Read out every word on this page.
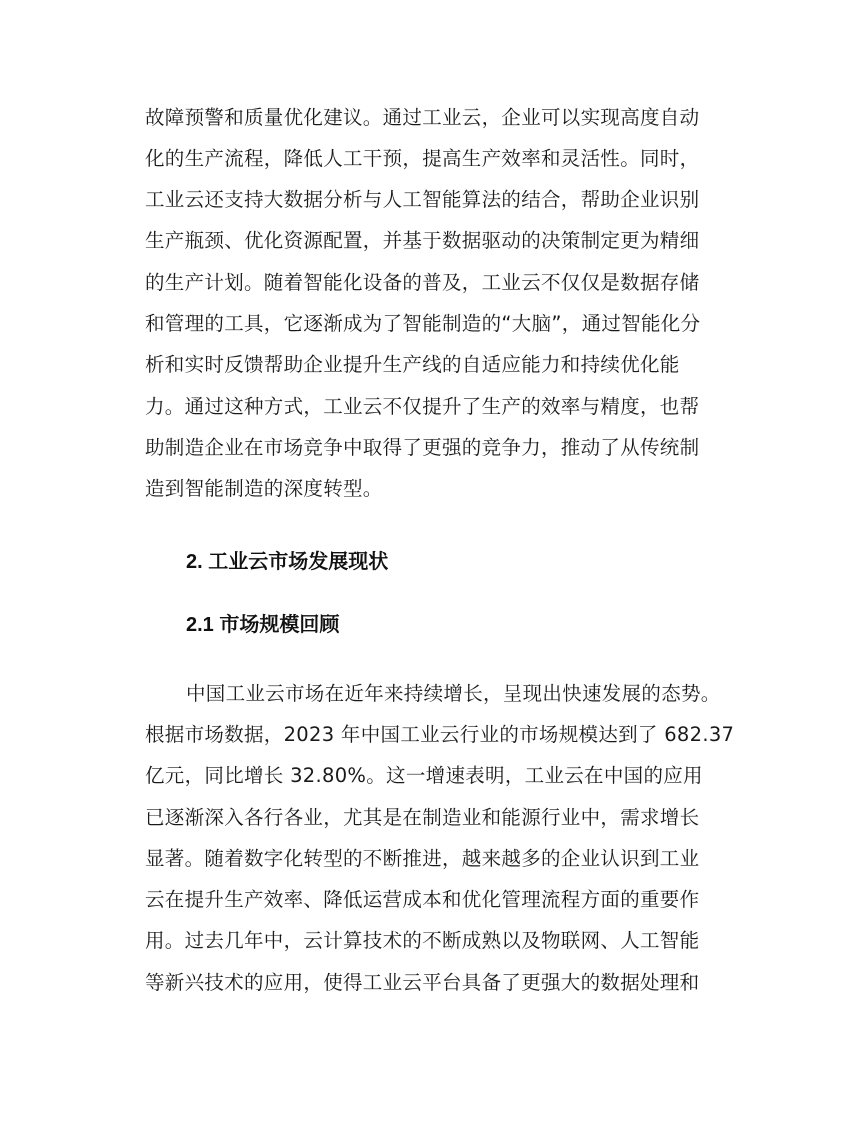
故障预警和质量优化建议。通过工业云，企业可以实现高度自动

化的生产流程，降低人工干预，提高生产效率和灵活性。同时，

工业云还支持大数据分析与人工智能算法的结合，帮助企业识别

生产瓶颈、优化资源配置，并基于数据驱动的决策制定更为精细

的生产计划。随着智能化设备的普及，工业云不仅仅是数据存储

和管理的工具，它逐渐成为了智能制造的“大脑”，通过智能化分

析和实时反馈帮助企业提升生产线的自适应能力和持续优化能

力。通过这种方式，工业云不仅提升了生产的效率与精度，也帮

助制造企业在市场竞争中取得了更强的竞争力，推动了从传统制

造到智能制造的深度转型。

2. 工业云市场发展现状
2.1 市场规模回顾

中国工业云市场在近年来持续增长，呈现出快速发展的态势。

根据市场数据，2023 年中国工业云行业的市场规模达到了 682.37

亿元，同比增长 32.80%。这一增速表明，工业云在中国的应用

已逐渐深入各行各业，尤其是在制造业和能源行业中，需求增长

显著。随着数字化转型的不断推进，越来越多的企业认识到工业

云在提升生产效率、降低运营成本和优化管理流程方面的重要作

用。过去几年中，云计算技术的不断成熟以及物联网、人工智能

等新兴技术的应用，使得工业云平台具备了更强大的数据处理和
